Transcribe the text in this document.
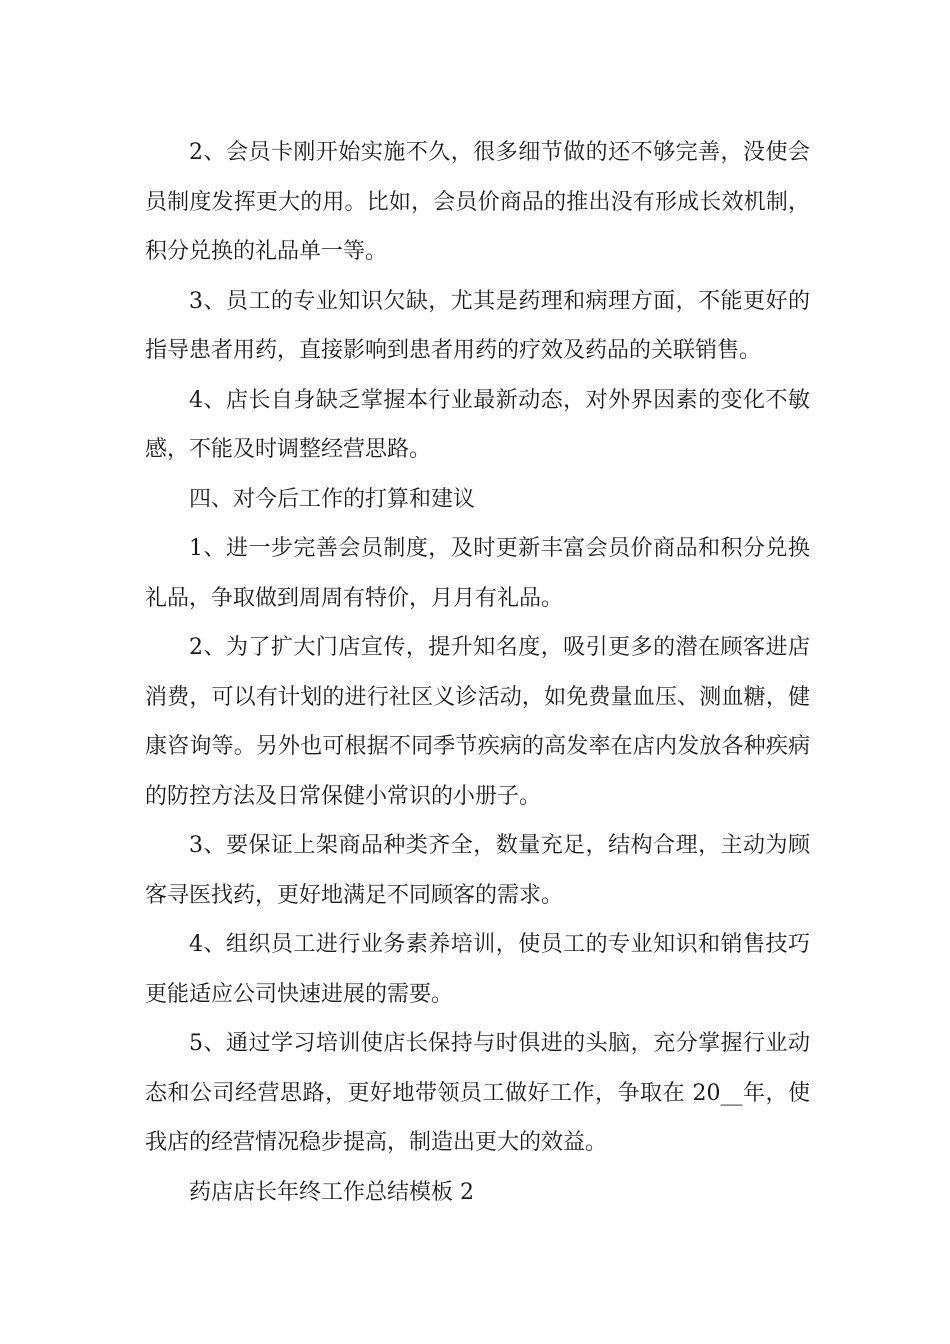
2、会员卡刚开始实施不久，很多细节做的还不够完善，没使会员制度发挥更大的用。比如，会员价商品的推出没有形成长效机制，积分兑换的礼品单一等。

3、员工的专业知识欠缺，尤其是药理和病理方面，不能更好的指导患者用药，直接影响到患者用药的疗效及药品的关联销售。

4、店长自身缺乏掌握本行业最新动态，对外界因素的变化不敏感，不能及时调整经营思路。

四、对今后工作的打算和建议

1、进一步完善会员制度，及时更新丰富会员价商品和积分兑换礼品，争取做到周周有特价，月月有礼品。

2、为了扩大门店宣传，提升知名度，吸引更多的潜在顾客进店消费，可以有计划的进行社区义诊活动，如免费量血压、测血糖，健康咨询等。另外也可根据不同季节疾病的高发率在店内发放各种疾病的防控方法及日常保健小常识的小册子。

3、要保证上架商品种类齐全，数量充足，结构合理，主动为顾客寻医找药，更好地满足不同顾客的需求。

4、组织员工进行业务素养培训，使员工的专业知识和销售技巧更能适应公司快速进展的需要。

5、通过学习培训使店长保持与时俱进的头脑，充分掌握行业动态和公司经营思路，更好地带领员工做好工作，争取在 20__年，使我店的经营情况稳步提高，制造出更大的效益。

药店店长年终工作总结模板 2
